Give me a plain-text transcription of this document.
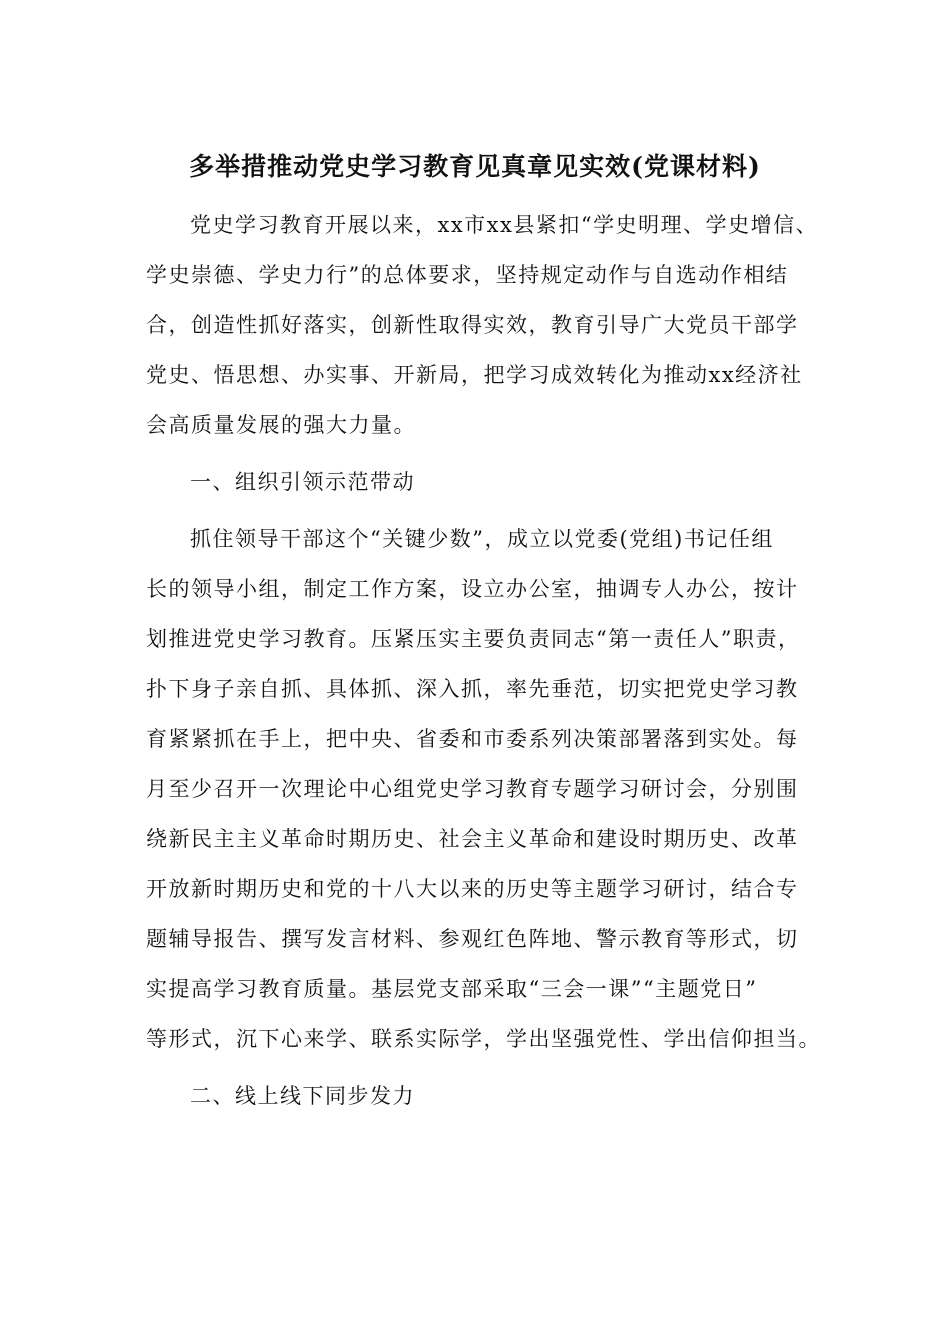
多举措推动党史学习教育见真章见实效(党课材料)
党史学习教育开展以来，xx市xx县紧扣“学史明理、学史增信、
学史崇德、学史力行”的总体要求，坚持规定动作与自选动作相结
合，创造性抓好落实，创新性取得实效，教育引导广大党员干部学
党史、悟思想、办实事、开新局，把学习成效转化为推动xx经济社
会高质量发展的强大力量。
一、组织引领示范带动
抓住领导干部这个“关键少数”，成立以党委(党组)书记任组
长的领导小组，制定工作方案，设立办公室，抽调专人办公，按计
划推进党史学习教育。压紧压实主要负责同志“第一责任人”职责，
扑下身子亲自抓、具体抓、深入抓，率先垂范，切实把党史学习教
育紧紧抓在手上，把中央、省委和市委系列决策部署落到实处。每
月至少召开一次理论中心组党史学习教育专题学习研讨会，分别围
绕新民主主义革命时期历史、社会主义革命和建设时期历史、改革
开放新时期历史和党的十八大以来的历史等主题学习研讨，结合专
题辅导报告、撰写发言材料、参观红色阵地、警示教育等形式，切
实提高学习教育质量。基层党支部采取“三会一课”“主题党日”
等形式，沉下心来学、联系实际学，学出坚强党性、学出信仰担当。
二、线上线下同步发力
